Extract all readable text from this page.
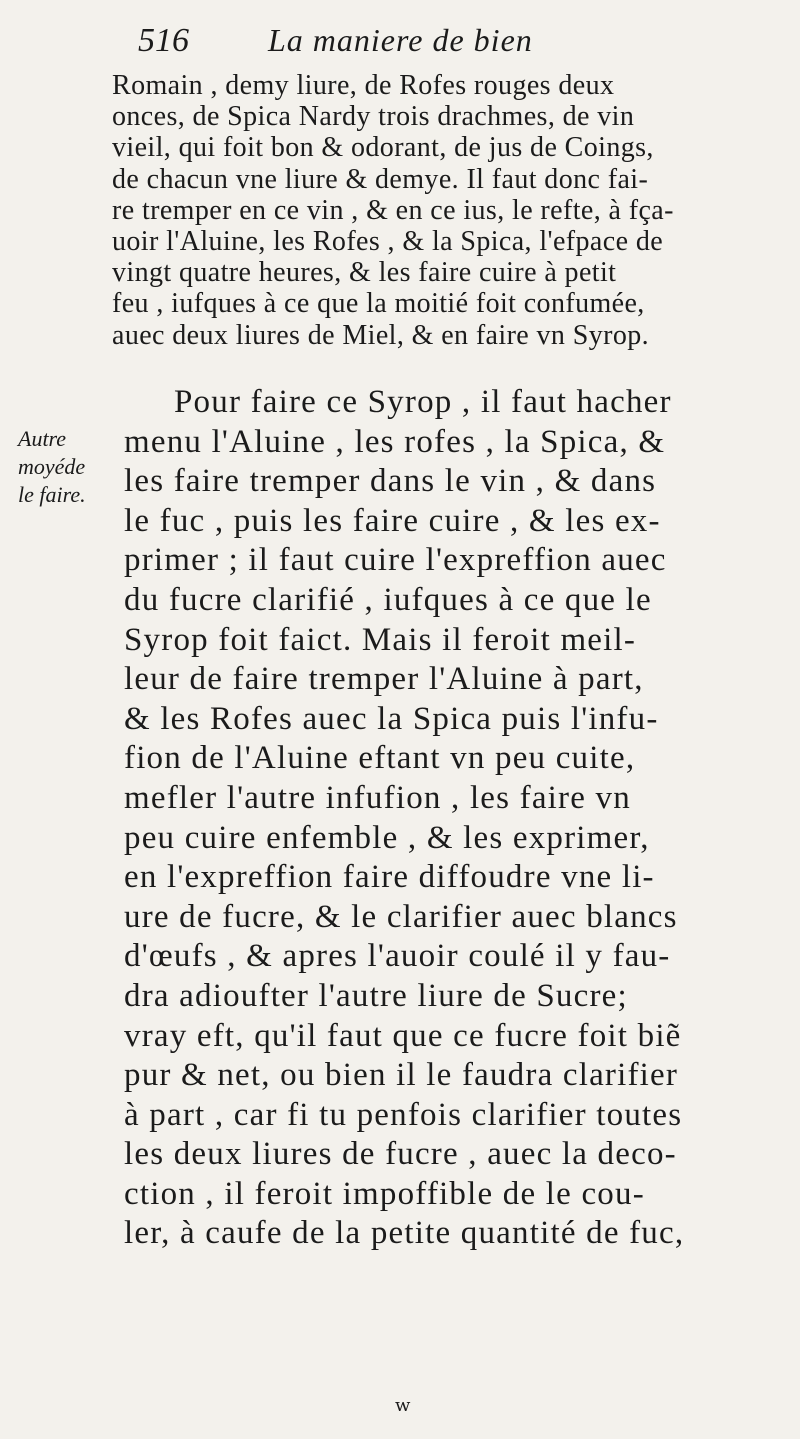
516 La maniere de bien
Romain , demy liure, de Rofes rouges deux
onces, de Spica Nardy trois drachmes, de vin
vieil, qui foit bon & odorant, de jus de Coings,
de chacun vne liure & demye. Il faut donc fai-
re tremper en ce vin , & en ce ius, le refte, à fça-
uoir l'Aluine, les Rofes , & la Spica, l'efpace de
vingt quatre heures, & les faire cuire à petit
feu , iufques à ce que la moitié foit confumée,
auec deux liures de Miel, & en faire vn Syrop.
Autre
moyéde
le faire.
Pour faire ce Syrop , il faut hacher
menu l'Aluine , les rofes , la Spica, &
les faire tremper dans le vin , & dans
le fuc , puis les faire cuire , & les ex-
primer ; il faut cuire l'expreffion auec
du fucre clarifié , iufques à ce que le
Syrop foit faict. Mais il feroit meil-
leur de faire tremper l'Aluine à part,
& les Rofes auec la Spica puis l'infu-
fion de l'Aluine eftant vn peu cuite,
mefler l'autre infufion , les faire vn
peu cuire enfemble , & les exprimer,
en l'expreffion faire diffoudre vne li-
ure de fucre, & le clarifier auec blancs
d'œufs , & apres l'auoir coulé il y fau-
dra adioufter l'autre liure de Sucre;
vray eft, qu'il faut que ce fucre foit biẽ
pur & net, ou bien il le faudra clarifier
à part , car fi tu penfois clarifier toutes
les deux liures de fucre , auec la deco-
ction , il feroit impoffible de le cou-
ler, à caufe de la petite quantité de fuc,
w
